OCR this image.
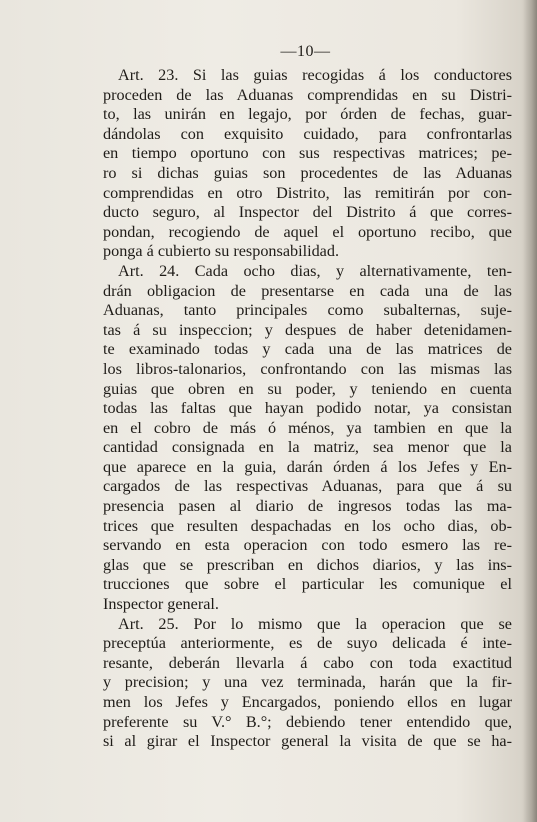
—10—
Art. 23. Si las guias recogidas á los conductores
proceden de las Aduanas comprendidas en su Distri-
to, las unirán en legajo, por órden de fechas, guar-
dándolas con exquisito cuidado, para confrontarlas
en tiempo oportuno con sus respectivas matrices; pe-
ro si dichas guias son procedentes de las Aduanas
comprendidas en otro Distrito, las remitirán por con-
ducto seguro, al Inspector del Distrito á que corres-
pondan, recogiendo de aquel el oportuno recibo, que
ponga á cubierto su responsabilidad.
Art. 24. Cada ocho dias, y alternativamente, ten-
drán obligacion de presentarse en cada una de las
Aduanas, tanto principales como subalternas, suje-
tas á su inspeccion; y despues de haber detenidamen-
te examinado todas y cada una de las matrices de
los libros-talonarios, confrontando con las mismas las
guias que obren en su poder, y teniendo en cuenta
todas las faltas que hayan podido notar, ya consistan
en el cobro de más ó ménos, ya tambien en que la
cantidad consignada en la matriz, sea menor que la
que aparece en la guia, darán órden á los Jefes y En-
cargados de las respectivas Aduanas, para que á su
presencia pasen al diario de ingresos todas las ma-
trices que resulten despachadas en los ocho dias, ob-
servando en esta operacion con todo esmero las re-
glas que se prescriban en dichos diarios, y las ins-
trucciones que sobre el particular les comunique el
Inspector general.
Art. 25. Por lo mismo que la operacion que se
preceptúa anteriormente, es de suyo delicada é inte-
resante, deberán llevarla á cabo con toda exactitud
y precision; y una vez terminada, harán que la fir-
men los Jefes y Encargados, poniendo ellos en lugar
preferente su V.° B.°; debiendo tener entendido que,
si al girar el Inspector general la visita de que se ha-
